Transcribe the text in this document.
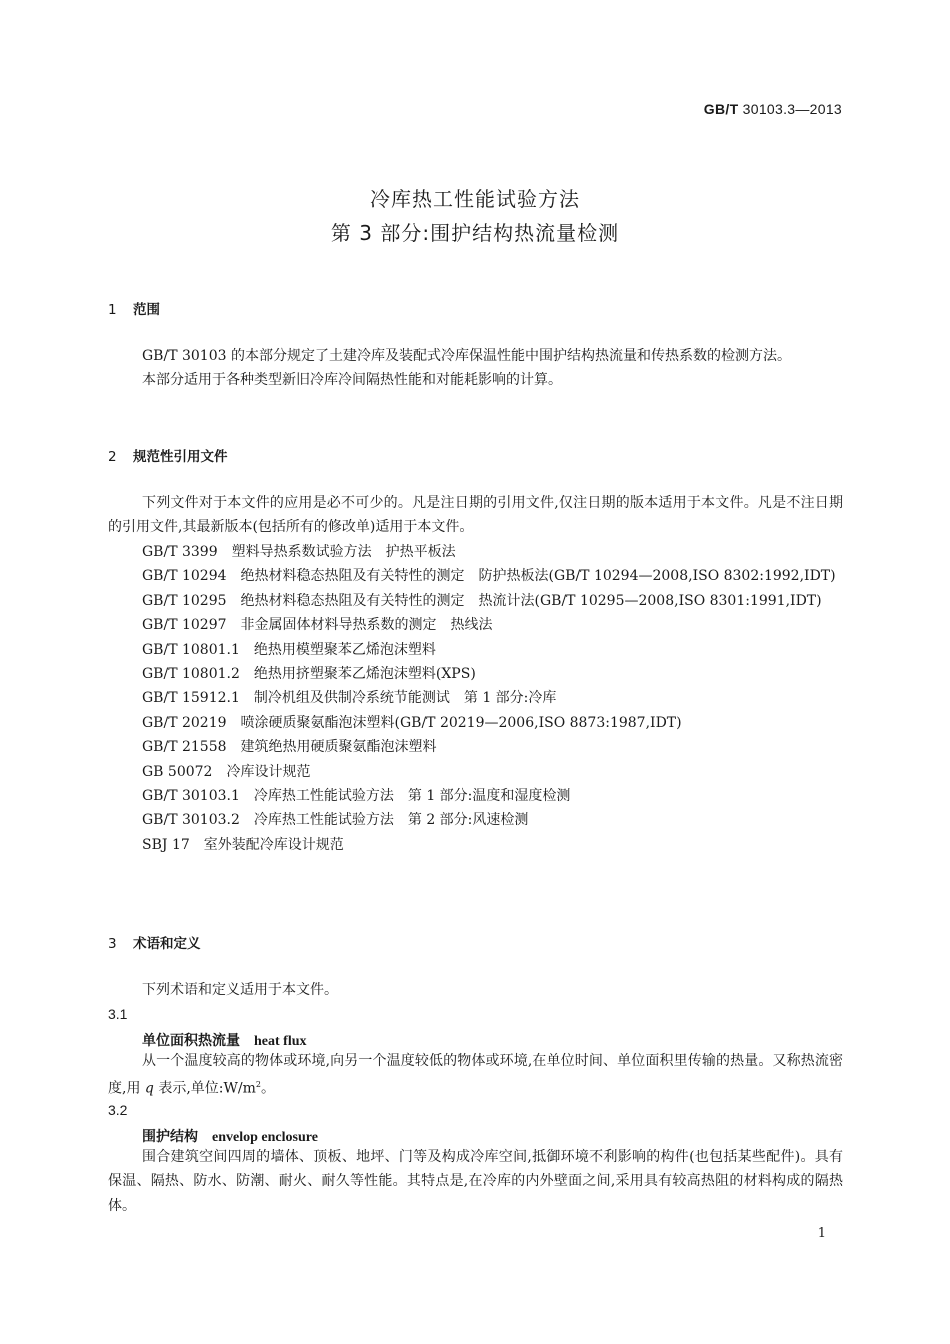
GB/T 30103.3—2013
冷库热工性能试验方法
第 3 部分:围护结构热流量检测
1 范围

GB/T 30103 的本部分规定了土建冷库及装配式冷库保温性能中围护结构热流量和传热系数的检测方法。

本部分适用于各种类型新旧冷库冷间隔热性能和对能耗影响的计算。

2 规范性引用文件

下列文件对于本文件的应用是必不可少的。凡是注日期的引用文件,仅注日期的版本适用于本文件。凡是不注日期的引用文件,其最新版本(包括所有的修改单)适用于本文件。

GB/T 3399 塑料导热系数试验方法　护热平板法

GB/T 10294 绝热材料稳态热阻及有关特性的测定　防护热板法(GB/T 10294—2008,ISO 8302:1992,IDT)

GB/T 10295 绝热材料稳态热阻及有关特性的测定　热流计法(GB/T 10295—2008,ISO 8301:1991,IDT)

GB/T 10297 非金属固体材料导热系数的测定　热线法

GB/T 10801.1 绝热用模塑聚苯乙烯泡沫塑料

GB/T 10801.2 绝热用挤塑聚苯乙烯泡沫塑料(XPS)

GB/T 15912.1 制冷机组及供制冷系统节能测试　第 1 部分:冷库

GB/T 20219 喷涂硬质聚氨酯泡沫塑料(GB/T 20219—2006,ISO 8873:1987,IDT)

GB/T 21558 建筑绝热用硬质聚氨酯泡沫塑料

GB 50072 冷库设计规范

GB/T 30103.1 冷库热工性能试验方法　第 1 部分:温度和湿度检测

GB/T 30103.2 冷库热工性能试验方法　第 2 部分:风速检测

SBJ 17 室外装配冷库设计规范

3 术语和定义

下列术语和定义适用于本文件。

3.1
单位面积热流量 heat flux

从一个温度较高的物体或环境,向另一个温度较低的物体或环境,在单位时间、单位面积里传输的热量。又称热流密度,用 q 表示,单位$:W/m^2$。

3.2
围护结构 envelop enclosure

围合建筑空间四周的墙体、顶板、地坪、门等及构成冷库空间,抵御环境不利影响的构件(也包括某些配件)。具有保温、隔热、防水、防潮、耐火、耐久等性能。其特点是,在冷库的内外壁面之间,采用具有较高热阻的材料构成的隔热体。

1
